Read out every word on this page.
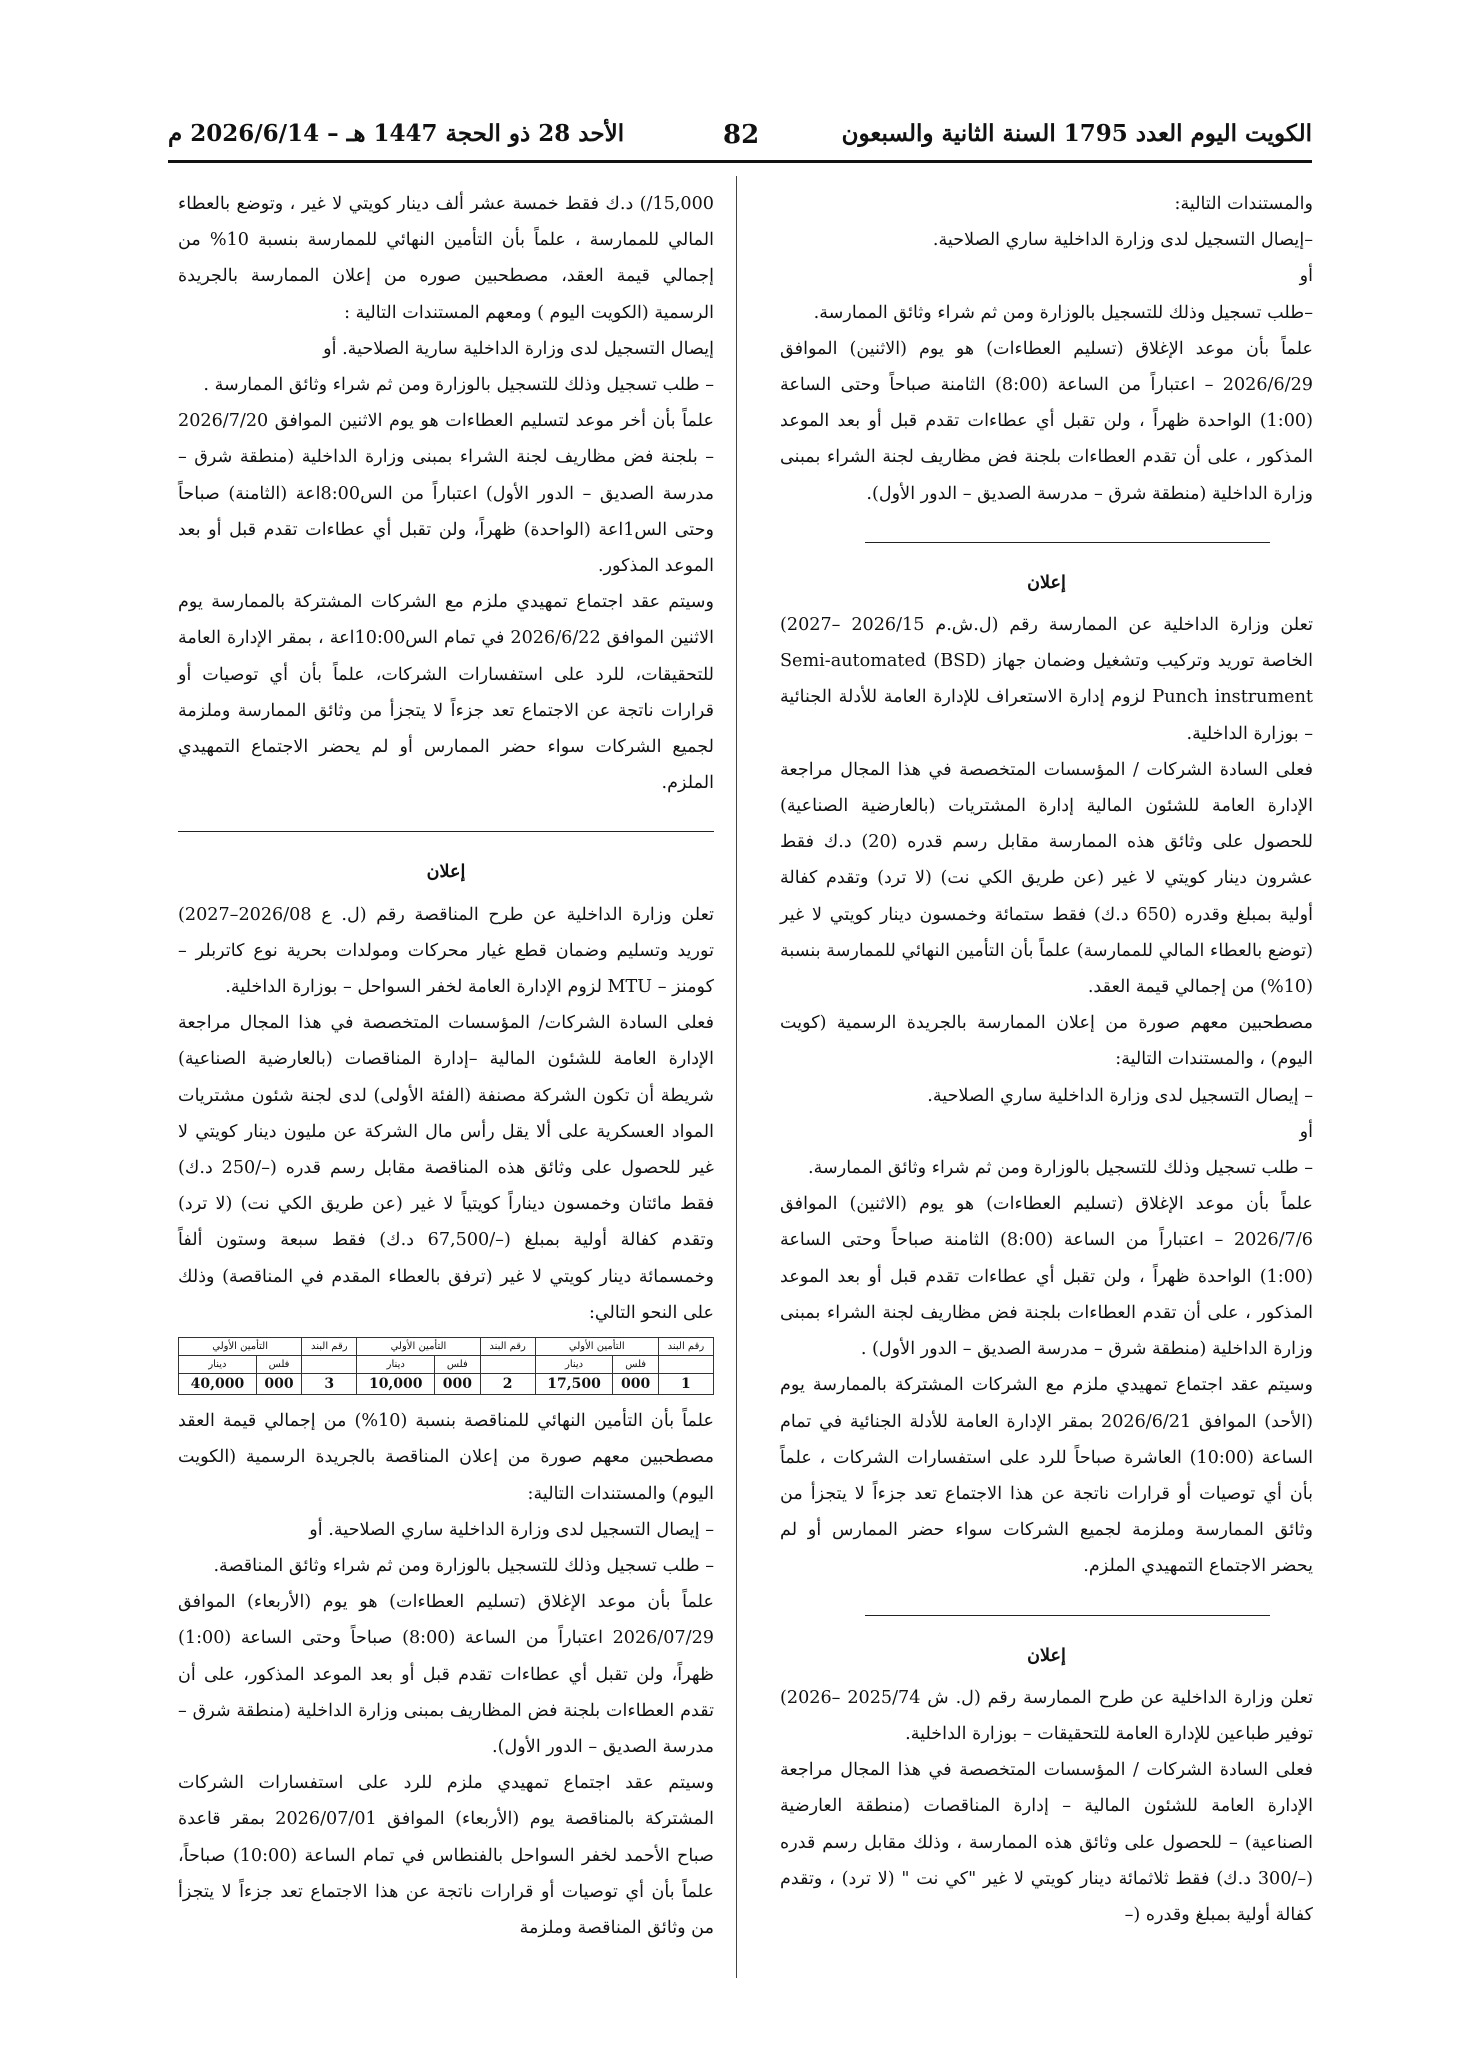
الكويت اليوم العدد 1795 السنة الثانية والسبعون
82
الأحد 28 ذو الحجة 1447 هـ – 2026/6/14 م

والمستندات التالية:

–إيصال التسجيل لدى وزارة الداخلية ساري الصلاحية.

أو

–طلب تسجيل وذلك للتسجيل بالوزارة ومن ثم شراء وثائق الممارسة.

علماً بأن موعد الإغلاق (تسليم العطاءات) هو يوم (الاثنين) الموافق 2026/6/29 – اعتباراً من الساعة (8:00) الثامنة صباحاً وحتى الساعة (1:00) الواحدة ظهراً ، ولن تقبل أي عطاءات تقدم قبل أو بعد الموعد المذكور ، على أن تقدم العطاءات بلجنة فض مظاريف لجنة الشراء بمبنى وزارة الداخلية (منطقة شرق – مدرسة الصديق – الدور الأول).

إعلان

تعلن وزارة الداخلية عن الممارسة رقم (ل.ش.م 2026/15 –2027) الخاصة توريد وتركيب وتشغيل وضمان جهاز (Semi-automated (BSD Punch instrument لزوم إدارة الاستعراف للإدارة العامة للأدلة الجنائية – بوزارة الداخلية.

فعلى السادة الشركات / المؤسسات المتخصصة في هذا المجال مراجعة الإدارة العامة للشئون المالية إدارة المشتريات (بالعارضية الصناعية) للحصول على وثائق هذه الممارسة مقابل رسم قدره (20) د.ك فقط عشرون دينار كويتي لا غير (عن طريق الكي نت) (لا ترد) وتقدم كفالة أولية بمبلغ وقدره (650 د.ك) فقط ستمائة وخمسون دينار كويتي لا غير (توضع بالعطاء المالي للممارسة) علماً بأن التأمين النهائي للممارسة بنسبة (10%) من إجمالي قيمة العقد.

مصطحبين معهم صورة من إعلان الممارسة بالجريدة الرسمية (كويت اليوم) ، والمستندات التالية:

– إيصال التسجيل لدى وزارة الداخلية ساري الصلاحية.

أو

– طلب تسجيل وذلك للتسجيل بالوزارة ومن ثم شراء وثائق الممارسة.

علماً بأن موعد الإغلاق (تسليم العطاءات) هو يوم (الاثنين) الموافق 2026/7/6 – اعتباراً من الساعة (8:00) الثامنة صباحاً وحتى الساعة (1:00) الواحدة ظهراً ، ولن تقبل أي عطاءات تقدم قبل أو بعد الموعد المذكور ، على أن تقدم العطاءات بلجنة فض مظاريف لجنة الشراء بمبنى وزارة الداخلية (منطقة شرق – مدرسة الصديق – الدور الأول) .

وسيتم عقد اجتماع تمهيدي ملزم مع الشركات المشتركة بالممارسة يوم (الأحد) الموافق 2026/6/21 بمقر الإدارة العامة للأدلة الجنائية في تمام الساعة (10:00) العاشرة صباحاً للرد على استفسارات الشركات ، علماً بأن أي توصيات أو قرارات ناتجة عن هذا الاجتماع تعد جزءاً لا يتجزأ من وثائق الممارسة وملزمة لجميع الشركات سواء حضر الممارس أو لم يحضر الاجتماع التمهيدي الملزم.

إعلان

تعلن وزارة الداخلية عن طرح الممارسة رقم (ل. ش 2025/74 –2026) توفير طباعين للإدارة العامة للتحقيقات – بوزارة الداخلية.

فعلى السادة الشركات / المؤسسات المتخصصة في هذا المجال مراجعة الإدارة العامة للشئون المالية – إدارة المناقصات (منطقة العارضية الصناعية) – للحصول على وثائق هذه الممارسة ، وذلك مقابل رسم قدره (–/300 د.ك) فقط ثلاثمائة دينار كويتي لا غير "كي نت " (لا ترد) ، وتقدم كفالة أولية بمبلغ وقدره (–

15,000/) د.ك فقط خمسة عشر ألف دينار كويتي لا غير ، وتوضع بالعطاء المالي للممارسة ، علماً بأن التأمين النهائي للممارسة بنسبة 10% من إجمالي قيمة العقد، مصطحبين صوره من إعلان الممارسة بالجريدة الرسمية (الكويت اليوم ) ومعهم المستندات التالية :

إيصال التسجيل لدى وزارة الداخلية سارية الصلاحية. أو

– طلب تسجيل وذلك للتسجيل بالوزارة ومن ثم شراء وثائق الممارسة .

علماً بأن أخر موعد لتسليم العطاءات هو يوم الاثنين الموافق 2026/7/20 – بلجنة فض مظاريف لجنة الشراء بمبنى وزارة الداخلية (منطقة شرق – مدرسة الصديق – الدور الأول) اعتباراً من الس8:00اعة (الثامنة) صباحاً وحتى الس1اعة (الواحدة) ظهراً، ولن تقبل أي عطاءات تقدم قبل أو بعد الموعد المذكور.

وسيتم عقد اجتماع تمهيدي ملزم مع الشركات المشتركة بالممارسة يوم الاثنين الموافق 2026/6/22 في تمام الس10:00اعة ، بمقر الإدارة العامة للتحقيقات، للرد على استفسارات الشركات، علماً بأن أي توصيات أو قرارات ناتجة عن الاجتماع تعد جزءاً لا يتجزأ من وثائق الممارسة وملزمة لجميع الشركات سواء حضر الممارس أو لم يحضر الاجتماع التمهيدي الملزم.

إعلان

تعلن وزارة الداخلية عن طرح المناقصة رقم (ل. ع 2026/08–2027) توريد وتسليم وضمان قطع غيار محركات ومولدات بحرية نوع كاتربلر – كومنز – MTU لزوم الإدارة العامة لخفر السواحل – بوزارة الداخلية.

فعلى السادة الشركات/ المؤسسات المتخصصة في هذا المجال مراجعة الإدارة العامة للشئون المالية –إدارة المناقصات (بالعارضية الصناعية) شريطة أن تكون الشركة مصنفة (الفئة الأولى) لدى لجنة شئون مشتريات المواد العسكرية على ألا يقل رأس مال الشركة عن مليون دينار كويتي لا غير للحصول على وثائق هذه المناقصة مقابل رسم قدره (–/250 د.ك) فقط مائتان وخمسون ديناراً كويتياً لا غير (عن طريق الكي نت) (لا ترد) وتقدم كفالة أولية بمبلغ (–/67,500 د.ك) فقط سبعة وستون ألفاً وخمسمائة دينار كويتي لا غير (ترفق بالعطاء المقدم في المناقصة) وذلك على النحو التالي:

رقم البند	التأمين الأولي		رقم البند	التأمين الأولي		رقم البند	التأمين الأولي	
	فلس	دينار		فلس	دينار		فلس	دينار
1	000	17,500	2	000	10,000	3	000	40,000

علماً بأن التأمين النهائي للمناقصة بنسبة (10%) من إجمالي قيمة العقد مصطحبين معهم صورة من إعلان المناقصة بالجريدة الرسمية (الكويت اليوم) والمستندات التالية:

– إيصال التسجيل لدى وزارة الداخلية ساري الصلاحية. أو

– طلب تسجيل وذلك للتسجيل بالوزارة ومن ثم شراء وثائق المناقصة.

علماً بأن موعد الإغلاق (تسليم العطاءات) هو يوم (الأربعاء) الموافق 2026/07/29 اعتباراً من الساعة (8:00) صباحاً وحتى الساعة (1:00) ظهراً، ولن تقبل أي عطاءات تقدم قبل أو بعد الموعد المذكور، على أن تقدم العطاءات بلجنة فض المظاريف بمبنى وزارة الداخلية (منطقة شرق – مدرسة الصديق – الدور الأول).

وسيتم عقد اجتماع تمهيدي ملزم للرد على استفسارات الشركات المشتركة بالمناقصة يوم (الأربعاء) الموافق 2026/07/01 بمقر قاعدة صباح الأحمد لخفر السواحل بالفنطاس في تمام الساعة (10:00) صباحاً، علماً بأن أي توصيات أو قرارات ناتجة عن هذا الاجتماع تعد جزءاً لا يتجزأ من وثائق المناقصة وملزمة
